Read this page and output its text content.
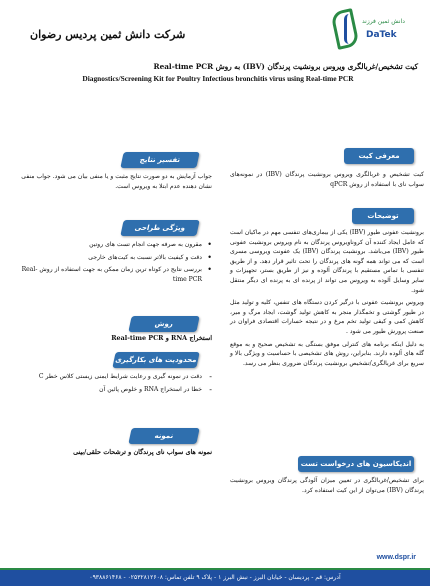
شرکت دانش ثمین پردیس رضوان
دانش ثمین فرزند
DaTek
کیت تشخیص/غربالگری ویروس برونشیت پرندگان (IBV) به روش Real-time PCR
Diagnostics/Screening Kit for Poultry Infectious bronchitis virus using Real-time PCR
معرفی کیت
کیت تشخیص و غربالگری ویروس برونشیت پرندگان (IBV) در نمونه‌های سواب نای با استفاده از روش qPCR
توضیحات

برونشیت عفونی طیور (IBV) یکی از بیماری‌های تنفسی مهم در ماکیان است که عامل ایجاد کننده آن کروناویروس پرندگان به نام ویروس برونشیت عفونی طیور (IBV) می‌باشد. برونشیت پرندگان (IBV) یک عفونت ویروسی مسری است که می تواند همه گونه های پرندگان را تحت تاثیر قرار دهد. و از طریق تنفسی با تماس مستقیم با پرندگان آلوده و نیز از طریق بستر، تجهیزات و سایر وسایل آلوده به ویروس می تواند از پرنده ای به پرنده ای دیگر منتقل شود.

ویروس برونشیت عفونی با درگیر کردن دستگاه های تنفس، کلیه و تولید مثل در طیور گوشتی و تخمگذار منجر به کاهش تولید گوشت، ایجاد مرگ و میر، کاهش کمی و کیفی تولید تخم مرغ و در نتیجه خسارات اقتصادی فراوان در صنعت پرورش طیور می شود .

به دلیل اینکه برنامه های کنترلی موفق بستگی به تشخیص صحیح و به موقع گله های آلوده دارند. بنابراین، روش های تشخیصی با حساسیت و ویژگی بالا و سریع برای غربالگری/تشخیص برونشیت پرندگان ضروری بنظر می رسد.

اندیکاسیون های درخواست تست
برای تشخیص/غربالگری در تعیین میزان آلودگی پرندگان ویروس برونشیت پرندگان (IBV) می‌توان از این کیت استفاده کرد.
تفسیر نتایج
جواب آزمایش به دو صورت نتایج مثبت و یا منفی بیان می شود. جواب منفی نشان دهنده عدم ابتلا به ویروس است.
ویژگی طراحی
• مقرون به صرفه جهت انجام تست های روتین
• دقت و کیفیت بالاتر نسبت به کیت‌های خارجی
• بررسی نتایج در کوتاه ترین زمان ممکن به جهت استفاده از روش Real-time PCR
روش
استخراج RNA و Real-time PCR
محدودیت های بکارگیری
- دقت در نمونه گیری و رعایت شرایط ایمنی زیستی کلاس خطر C
- خطا در استخراج RNA و خلوص پائین آن
نمونه
نمونه های سواب نای پرندگان و ترشحات حلقی/بینی
www.dspr.ir
آدرس: قم - پردیسان - خیابان البرز - نبش البرز ۱ - پلاک ۹ تلفن تماس: ۰۲۵۳۲۸۱۲۶۰۸ - ۰۹۳۸۸۶۱۴۶۸
